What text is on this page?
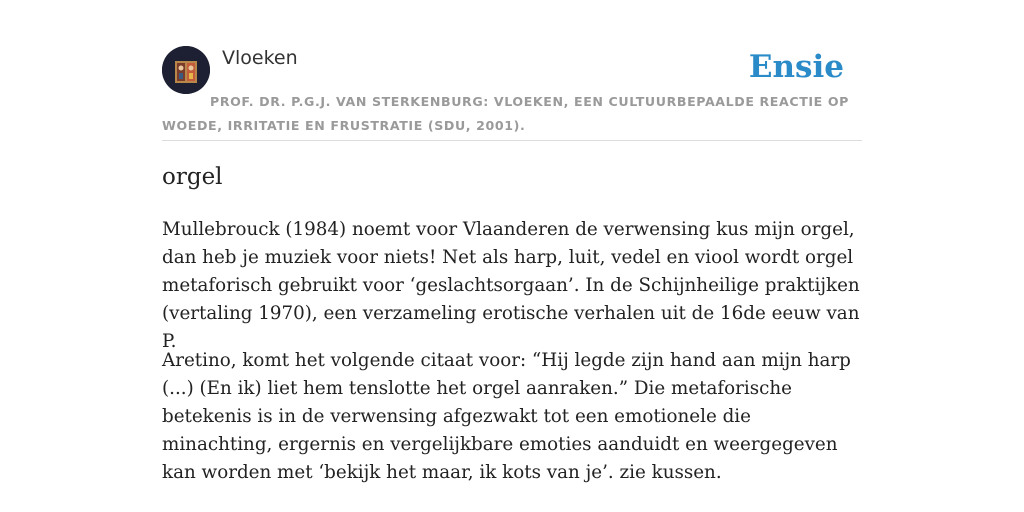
Vloeken	Ensie
PROF. DR. P.G.J. VAN STERKENBURG: VLOEKEN, EEN CULTUURBEPAALDE REACTIE OP WOEDE, IRRITATIE EN FRUSTRATIE (SDU, 2001).
orgel

Mullebrouck (1984) noemt voor Vlaanderen de verwensing kus mijn orgel, dan heb je muziek voor niets! Net als harp, luit, vedel en viool wordt orgel metaforisch gebruikt voor ‘geslachtsorgaan’. In de Schijnheilige praktijken (vertaling 1970), een verzameling erotische verhalen uit de 16de eeuw van P.

Aretino, komt het volgende citaat voor: “Hij legde zijn hand aan mijn harp (...) (En ik) liet hem tenslotte het orgel aanraken.” Die metaforische betekenis is in de verwensing afgezwakt tot een emotionele die minachting, ergernis en vergelijkbare emoties aanduidt en weergegeven kan worden met ‘bekijk het maar, ik kots van je’. zie kussen.
